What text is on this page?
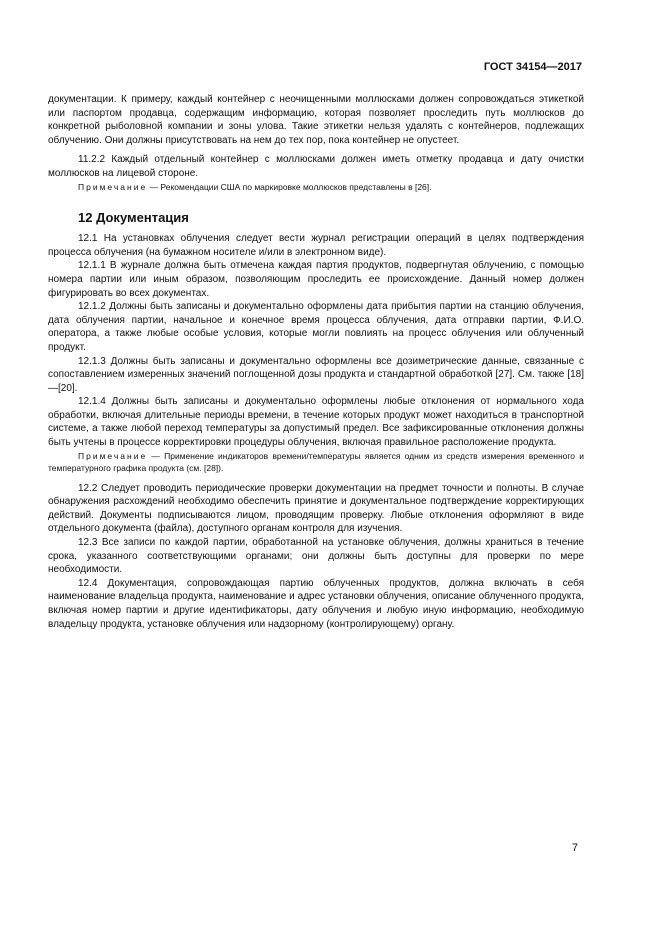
ГОСТ 34154—2017

документации. К примеру, каждый контейнер с неочищенными моллюсками должен сопровождаться этикеткой или паспортом продавца, содержащим информацию, которая позволяет проследить путь моллюсков до конкретной рыболовной компании и зоны улова. Такие этикетки нельзя удалять с контейнеров, подлежащих облучению. Они должны присутствовать на нем до тех пор, пока контейнер не опустеет.

11.2.2 Каждый отдельный контейнер с моллюсками должен иметь отметку продавца и дату очистки моллюсков на лицевой стороне.

Примечание — Рекомендации США по маркировке моллюсков представлены в [26].

12 Документация

12.1 На установках облучения следует вести журнал регистрации операций в целях подтверждения процесса облучения (на бумажном носителе и/или в электронном виде).

12.1.1 В журнале должна быть отмечена каждая партия продуктов, подвергнутая облучению, с помощью номера партии или иным образом, позволяющим проследить ее происхождение. Данный номер должен фигурировать во всех документах.

12.1.2 Должны быть записаны и документально оформлены дата прибытия партии на станцию облучения, дата облучения партии, начальное и конечное время процесса облучения, дата отправки партии, Ф.И.О. оператора, а также любые особые условия, которые могли повлиять на процесс облучения или облученный продукт.

12.1.3 Должны быть записаны и документально оформлены все дозиметрические данные, связанные с сопоставлением измеренных значений поглощенной дозы продукта и стандартной обработкой [27]. См. также [18]—[20].

12.1.4 Должны быть записаны и документально оформлены любые отклонения от нормального хода обработки, включая длительные периоды времени, в течение которых продукт может находиться в транспортной системе, а также любой переход температуры за допустимый предел. Все зафиксированные отклонения должны быть учтены в процессе корректировки процедуры облучения, включая правильное расположение продукта.

Примечание — Применение индикаторов времени/температуры является одним из средств измерения временного и температурного графика продукта (см. [28]).

12.2 Следует проводить периодические проверки документации на предмет точности и полноты. В случае обнаружения расхождений необходимо обеспечить принятие и документальное подтверждение корректирующих действий. Документы подписываются лицом, проводящим проверку. Любые отклонения оформляют в виде отдельного документа (файла), доступного органам контроля для изучения.

12.3 Все записи по каждой партии, обработанной на установке облучения, должны храниться в течение срока, указанного соответствующими органами; они должны быть доступны для проверки по мере необходимости.

12.4 Документация, сопровождающая партию облученных продуктов, должна включать в себя наименование владельца продукта, наименование и адрес установки облучения, описание облученного продукта, включая номер партии и другие идентификаторы, дату облучения и любую иную информацию, необходимую владельцу продукта, установке облучения или надзорному (контролирующему) органу.

7
